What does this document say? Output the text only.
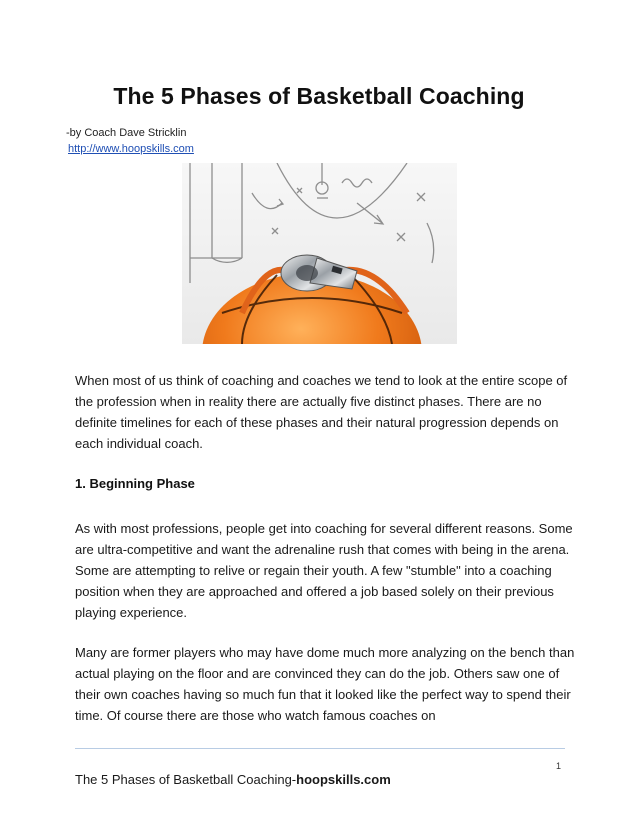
The 5 Phases of Basketball Coaching
-by Coach Dave Stricklin
http://www.hoopskills.com

When most of us think of coaching and coaches we tend to look at the entire scope of the profession when in reality there are actually five distinct phases. There are no definite timelines for each of these phases and their natural progression depends on each individual coach.

1. Beginning Phase

As with most professions, people get into coaching for several different reasons. Some are ultra-competitive and want the adrenaline rush that comes with being in the arena. Some are attempting to relive or regain their youth. A few "stumble" into a coaching position when they are approached and offered a job based solely on their previous playing experience.

Many are former players who may have dome much more analyzing on the bench than actual playing on the floor and are convinced they can do the job. Others saw one of their own coaches having so much fun that it looked like the perfect way to spend their time. Of course there are those who watch famous coaches on

1
The 5 Phases of Basketball Coaching-hoopskills.com
